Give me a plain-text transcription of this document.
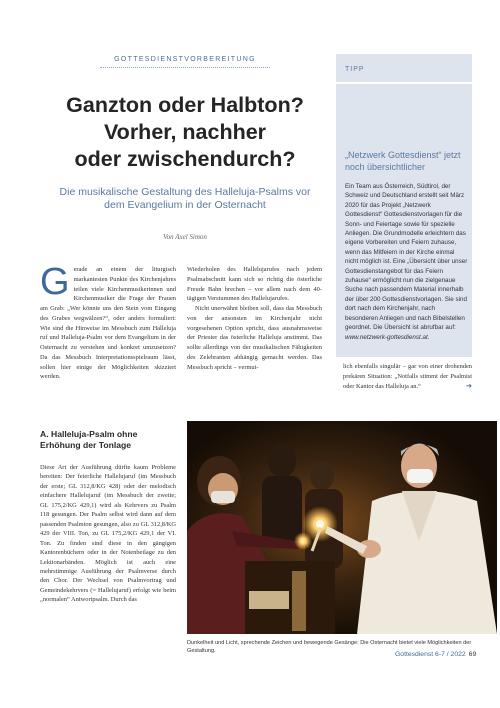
GOTTESDIENSTVORBEREITUNG
Ganzton oder Halbton?
Vorher, nachher
oder zwischendurch?
Die musikalische Gestaltung des Halleluja-Psalms vor
dem Evangelium in der Osternacht
Von Axel Simon
G erade an einem der liturgisch markantesten Punkte des Kirchenjahres teilen viele Kirchenmusikerinnen und Kirchenmusiker die Frage der Frauen am Grab: „Wer könnte uns den Stein vom Eingang des Grabes wegwälzen?“, oder anders formuliert: Wie sind die Hinweise im Messbuch zum Halleluja ruf und Halleluja-Psalm vor dem Evangelium in der Osternacht zu verstehen und konkret umzusetzen? Da das Messbuch Interpretationsspielraum lässt, sollen hier einige der Möglichkeiten skizziert werden.

Wiederholen des Hallelujarufes nach jedem Psalmabschnitt kann sich so richtig die österliche Freude Bahn brechen – vor allem nach dem 40-tägigen Verstummen des Hallelujarufes.

Nicht unerwähnt bleiben soll, dass das Messbuch von der ansonsten im Kirchenjahr nicht vorgesehenen Option spricht, dass ausnahmsweise der Priester das österliche Halleluja anstimmt. Das sollte allerdings von der musikalischen Fähigkeiten des Zelebranten abhängig gemacht werden. Das Messbuch spricht – vermut-

A. Halleluja-Psalm ohne Erhöhung der Tonlage
Diese Art der Ausführung dürfte kaum Probleme bereiten: Der feierliche Hallelujaruf (im Messbuch der erste; GL 312,8/KG 428) oder der melodisch einfachere Hallelujaruf (im Messbuch der zweite; GL 175,2/KG 429,1) wird als Kehrvers zu Psalm 118 gesungen. Der Psalm selbst wird dann auf dem passenden Psalmton gesungen, also zu GL 312,8/KG 429 der VIII. Ton, zu GL 175,2/KG 429,1 der VI. Ton. Zu finden sind diese in den gängigen Kantorenbüchern oder in der Notenbeilage zu den Lektionarbänden. Möglich ist auch eine mehrstimmige Ausführung der Psalmverse durch den Chor. Der Wechsel von Psalmvortrag und Gemeindekehrvers (= Hallelujaruf) erfolgt wie beim „normalen“ Antwortpsalm. Durch das
TIPP
„Netzwerk Gottesdienst“ jetzt noch übersichtlicher
Ein Team aus Österreich, Südtirol, der Schweiz und Deutschland erstellt seit März 2020 für das Projekt „Netzwerk Gottesdienst“ Gottesdienstvorlagen für die Sonn- und Feiertage sowie für spezielle Anliegen. Die Grundmodelle erleichtern das eigene Vorbereiten und Feiern zuhause, wenn das Mitfeiern in der Kirche einmal nicht möglich ist. Eine „Übersicht über unser Gottesdienstangebot für das Feiern zuhause“ ermöglicht nun die zielgenaue Suche nach passendem Material innerhalb der über 200 Gottesdienstvorlagen. Sie sind dort nach dem Kirchenjahr, nach besonderen Anliegen und nach Bibelstellen geordnet. Die Übersicht ist abrufbar auf: www.netzwerk-gottesdienst.at.
lich ebenfalls singulär – gar von einer drohenden prekären Situation: „Notfalls stimmt der Psalmist oder Kantor das Halleluja an.“	➔
Dunkelheit und Licht, sprechende Zeichen und bewegende Gesänge: Die Osternacht bietet viele Möglichkeiten der Gestaltung.	Gottesdienst 6-7 / 2022 69
